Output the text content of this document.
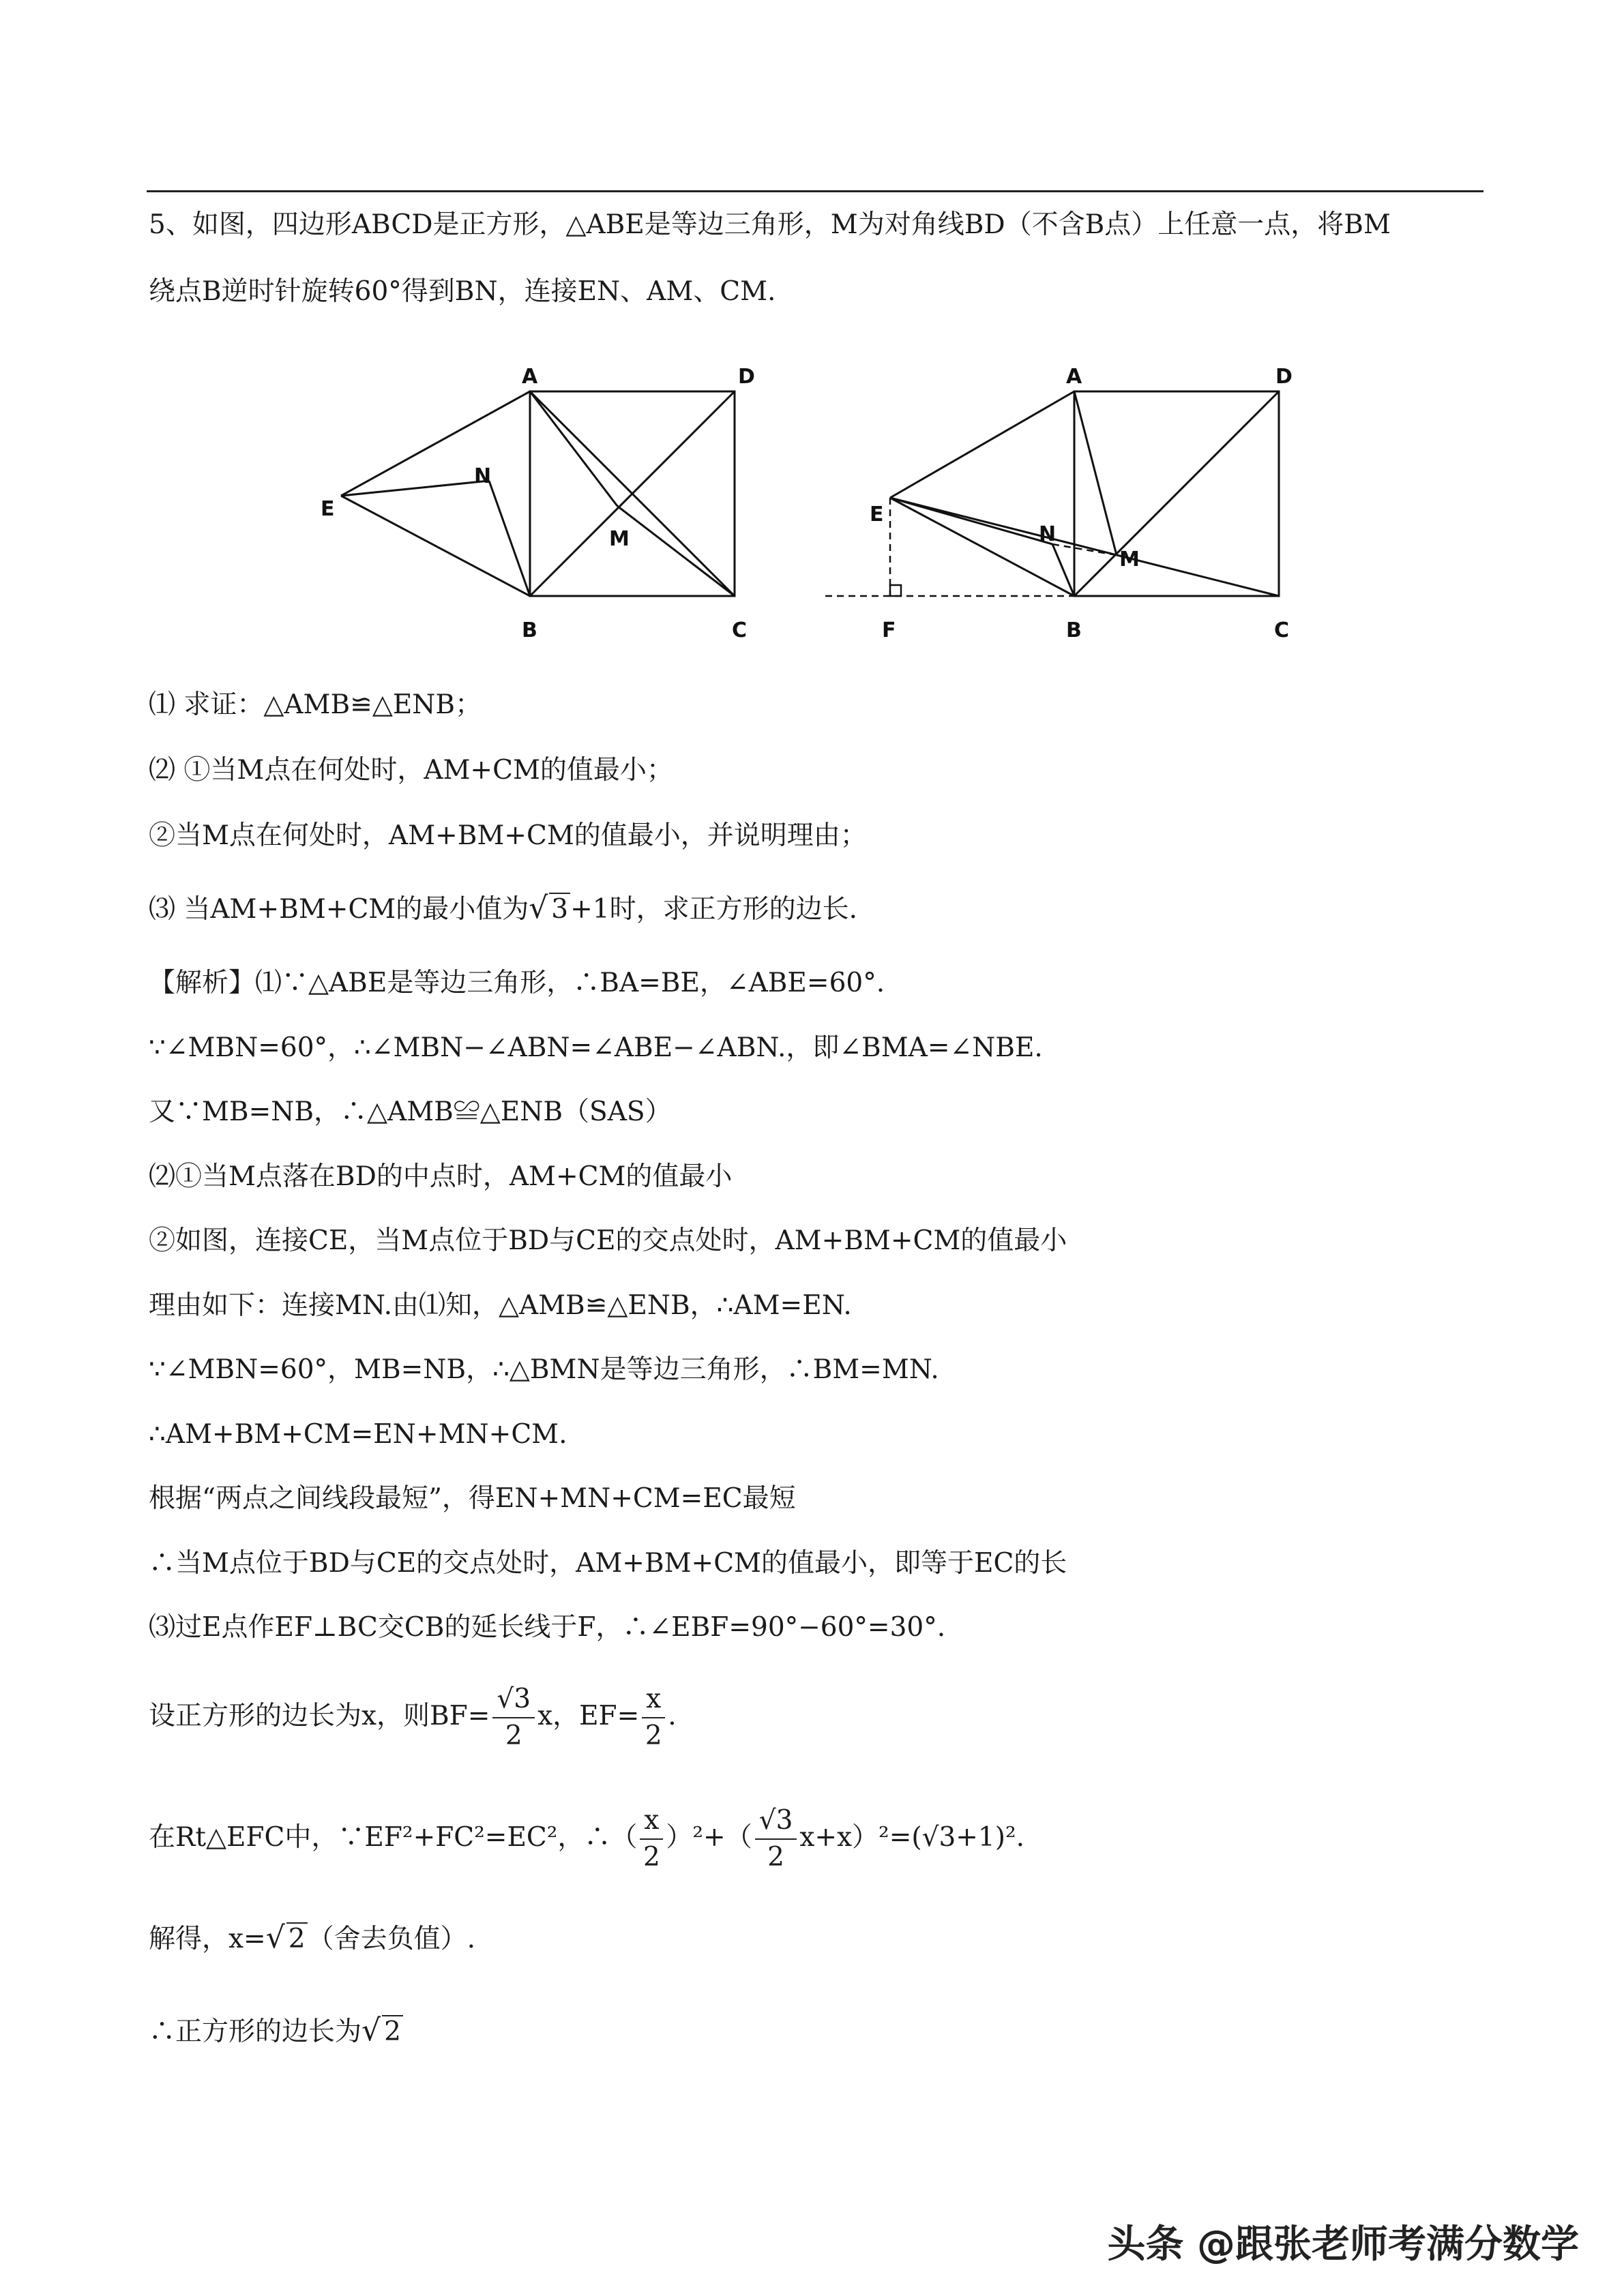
5、如图，四边形ABCD是正方形，△ABE是等边三角形，M为对角线BD（不含B点）上任意一点，将BM
绕点B逆时针旋转60°得到BN，连接EN、AM、CM.
A	D
E
N
M
B	C
A	D
E
N
M
F	B	C
⑴ 求证：△AMB≌△ENB；
⑵ ①当M点在何处时，AM+CM的值最小；
②当M点在何处时，AM+BM+CM的值最小，并说明理由；
⑶ 当AM+BM+CM的最小值为√ 3+1时，求正方形的边长.
【解析】⑴∵△ABE是等边三角形，∴BA=BE，∠ABE=60°.
∵∠MBN=60°，∴∠MBN−∠ABN=∠ABE−∠ABN.，即∠BMA=∠NBE.
又∵MB=NB，∴△AMB≌△ENB（SAS）
⑵①当M点落在BD的中点时，AM+CM的值最小
②如图，连接CE，当M点位于BD与CE的交点处时，AM+BM+CM的值最小
理由如下：连接MN.由⑴知，△AMB≌△ENB，∴AM=EN.
∵∠MBN=60°，MB=NB，∴△BMN是等边三角形，∴BM=MN.
∴AM+BM+CM=EN+MN+CM.
根据“两点之间线段最短”，得EN+MN+CM=EC最短
∴当M点位于BD与CE的交点处时，AM+BM+CM的值最小，即等于EC的长
⑶过E点作EF⊥BC交CB的延长线于F，∴∠EBF=90°−60°=30°.
设正方形的边长为x，则$BF= \frac{√3}{2}$ x，$EF= \frac{x}{2}$ .
在Rt△EFC中，∵EF²+FC²=EC²，∴（ $\frac{x}{2} )^2+( \frac{√3}{2} x+x)^2=(√3+1)^2$.
解得，x=√ 2（舍去负值）.
∴正方形的边长为√ 2
头条 @跟张老师考满分数学
